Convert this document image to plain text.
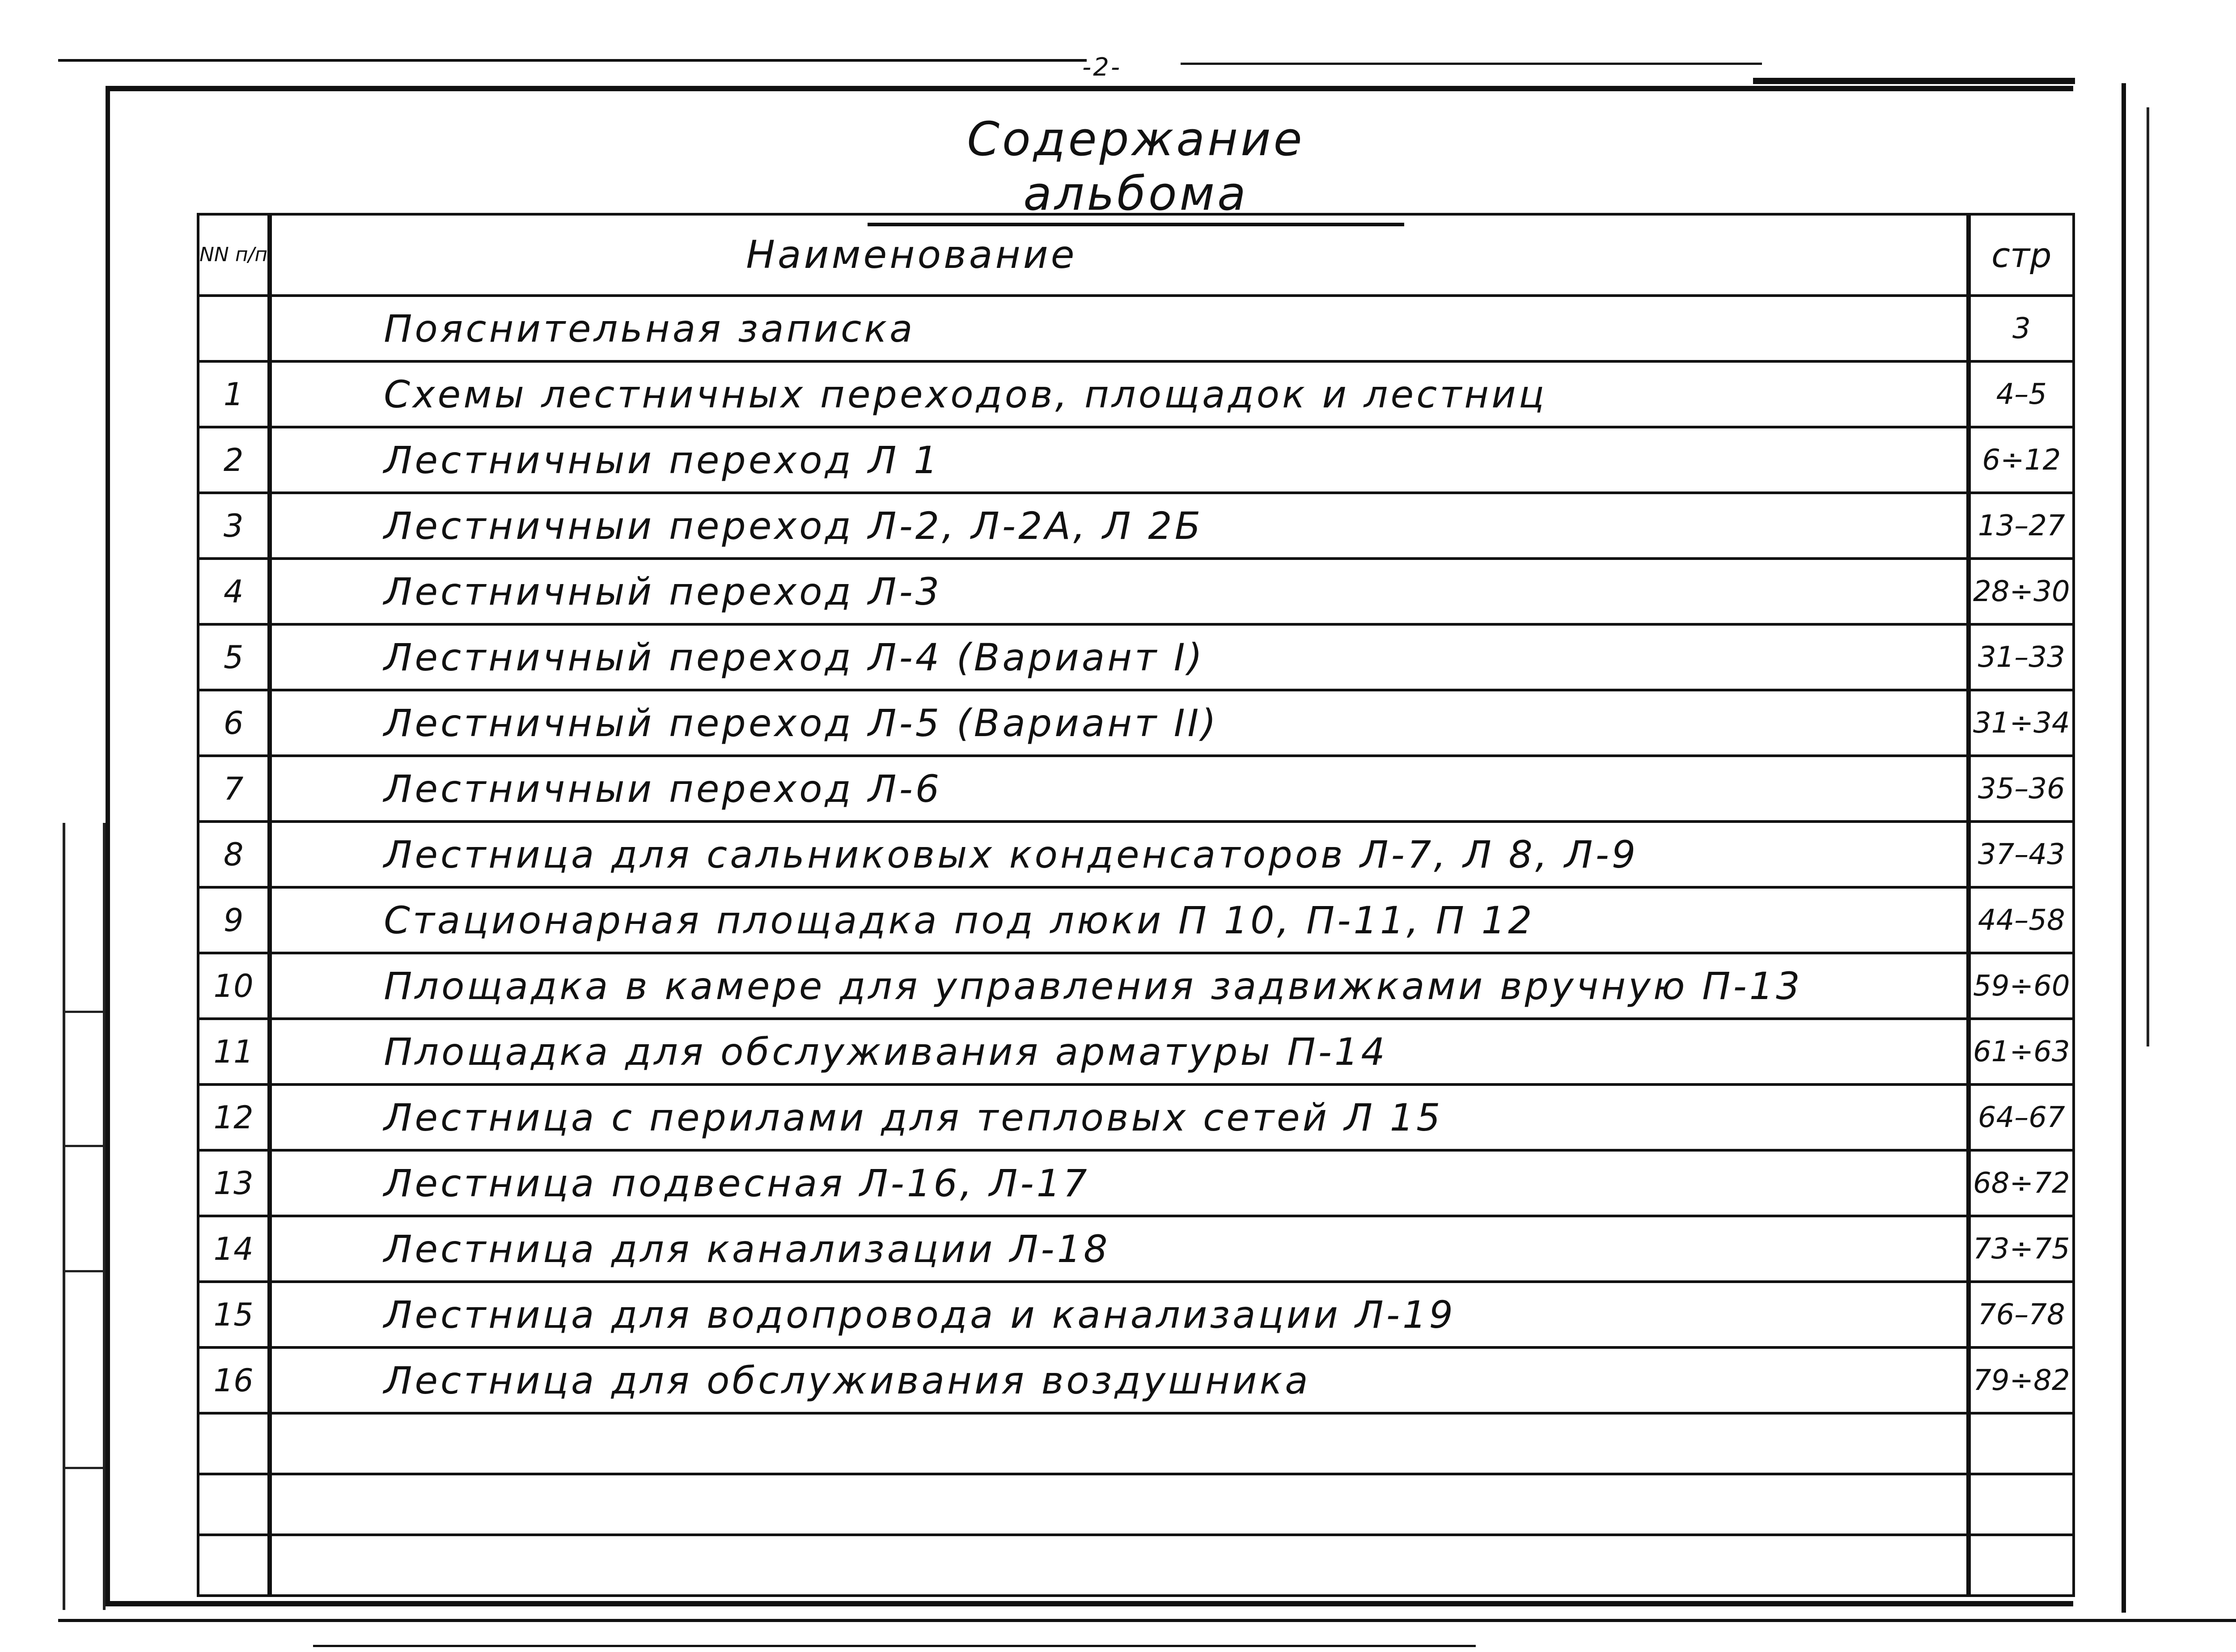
-2-
Содержание альбома
NN п/п	Наименование	стр
	Пояснительная записка	3
1	Схемы лестничных переходов, площадок и лестниц	4–5
2	Лестничныи переход Л 1	6÷12
3	Лестничныи переход Л-2, Л-2А, Л 2Б	13–27
4	Лестничный переход Л-3	28÷30
5	Лестничный переход Л-4 (Вариант I)	31–33
6	Лестничный переход Л-5 (Вариант II)	31÷34
7	Лестничныи переход Л-6	35–36
8	Лестница для сальниковых конденсаторов Л-7, Л 8, Л-9	37–43
9	Стационарная площадка под люки П 10, П-11, П 12	44–58
10	Площадка в камере для управления задвижками вручную П-13	59÷60
11	Площадка для обслуживания арматуры П-14	61÷63
12	Лестница с перилами для тепловых сетей Л 15	64–67
13	Лестница подвесная Л-16, Л-17	68÷72
14	Лестница для канализации Л-18	73÷75
15	Лестница для водопровода и канализации Л-19	76–78
16	Лестница для обслуживания воздушника	79÷82
